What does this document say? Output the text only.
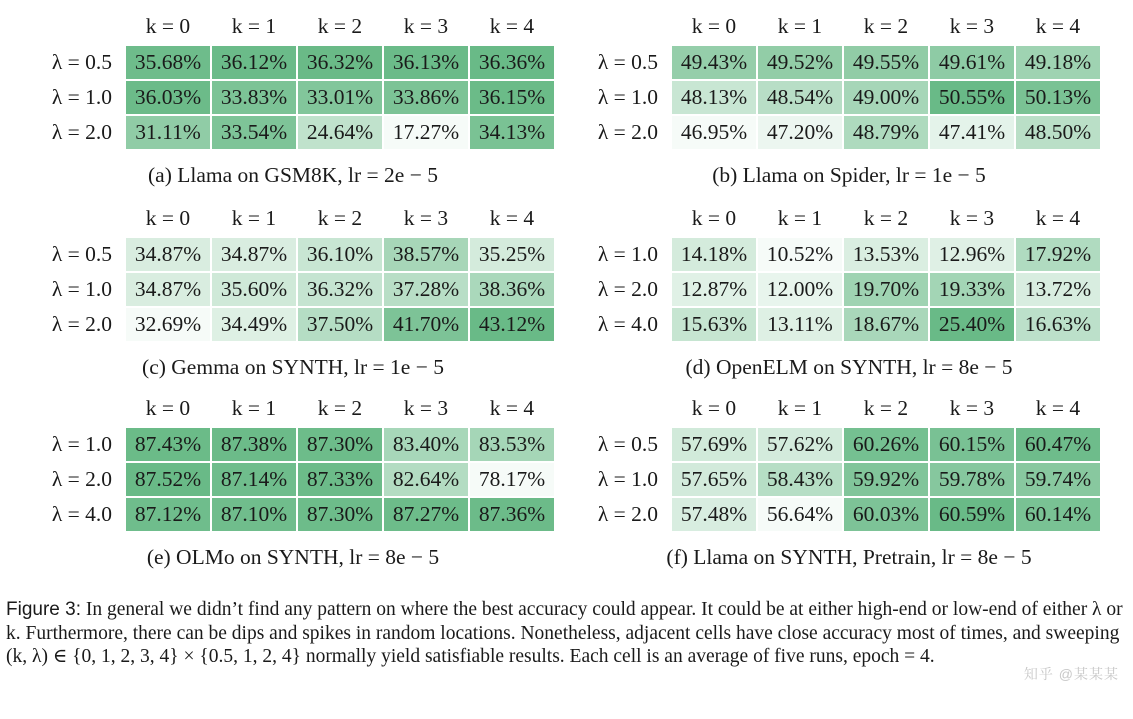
	k = 0	k = 1	k = 2	k = 3	k = 4
λ = 0.5	35.68%	36.12%	36.32%	36.13%	36.36%
λ = 1.0	36.03%	33.83%	33.01%	33.86%	36.15%
λ = 2.0	31.11%	33.54%	24.64%	17.27%	34.13%
(a) Llama on GSM8K, lr = 2e − 5
	k = 0	k = 1	k = 2	k = 3	k = 4
λ = 0.5	49.43%	49.52%	49.55%	49.61%	49.18%
λ = 1.0	48.13%	48.54%	49.00%	50.55%	50.13%
λ = 2.0	46.95%	47.20%	48.79%	47.41%	48.50%
(b) Llama on Spider, lr = 1e − 5
	k = 0	k = 1	k = 2	k = 3	k = 4
λ = 0.5	34.87%	34.87%	36.10%	38.57%	35.25%
λ = 1.0	34.87%	35.60%	36.32%	37.28%	38.36%
λ = 2.0	32.69%	34.49%	37.50%	41.70%	43.12%
(c) Gemma on SYNTH, lr = 1e − 5
	k = 0	k = 1	k = 2	k = 3	k = 4
λ = 1.0	14.18%	10.52%	13.53%	12.96%	17.92%
λ = 2.0	12.87%	12.00%	19.70%	19.33%	13.72%
λ = 4.0	15.63%	13.11%	18.67%	25.40%	16.63%
(d) OpenELM on SYNTH, lr = 8e − 5
	k = 0	k = 1	k = 2	k = 3	k = 4
λ = 1.0	87.43%	87.38%	87.30%	83.40%	83.53%
λ = 2.0	87.52%	87.14%	87.33%	82.64%	78.17%
λ = 4.0	87.12%	87.10%	87.30%	87.27%	87.36%
(e) OLMo on SYNTH, lr = 8e − 5
	k = 0	k = 1	k = 2	k = 3	k = 4
λ = 0.5	57.69%	57.62%	60.26%	60.15%	60.47%
λ = 1.0	57.65%	58.43%	59.92%	59.78%	59.74%
λ = 2.0	57.48%	56.64%	60.03%	60.59%	60.14%
(f) Llama on SYNTH, Pretrain, lr = 8e − 5
Figure 3: In general we didn’t find any pattern on where the best accuracy could appear. It could be at either high-end or low-end of either λ or k. Furthermore, there can be dips and spikes in random locations. Nonetheless, adjacent cells have close accuracy most of times, and sweeping (k, λ) ∈ {0, 1, 2, 3, 4} × {0.5, 1, 2, 4} normally yield satisfiable results. Each cell is an average of five runs, epoch = 4.
知乎 @某某某
